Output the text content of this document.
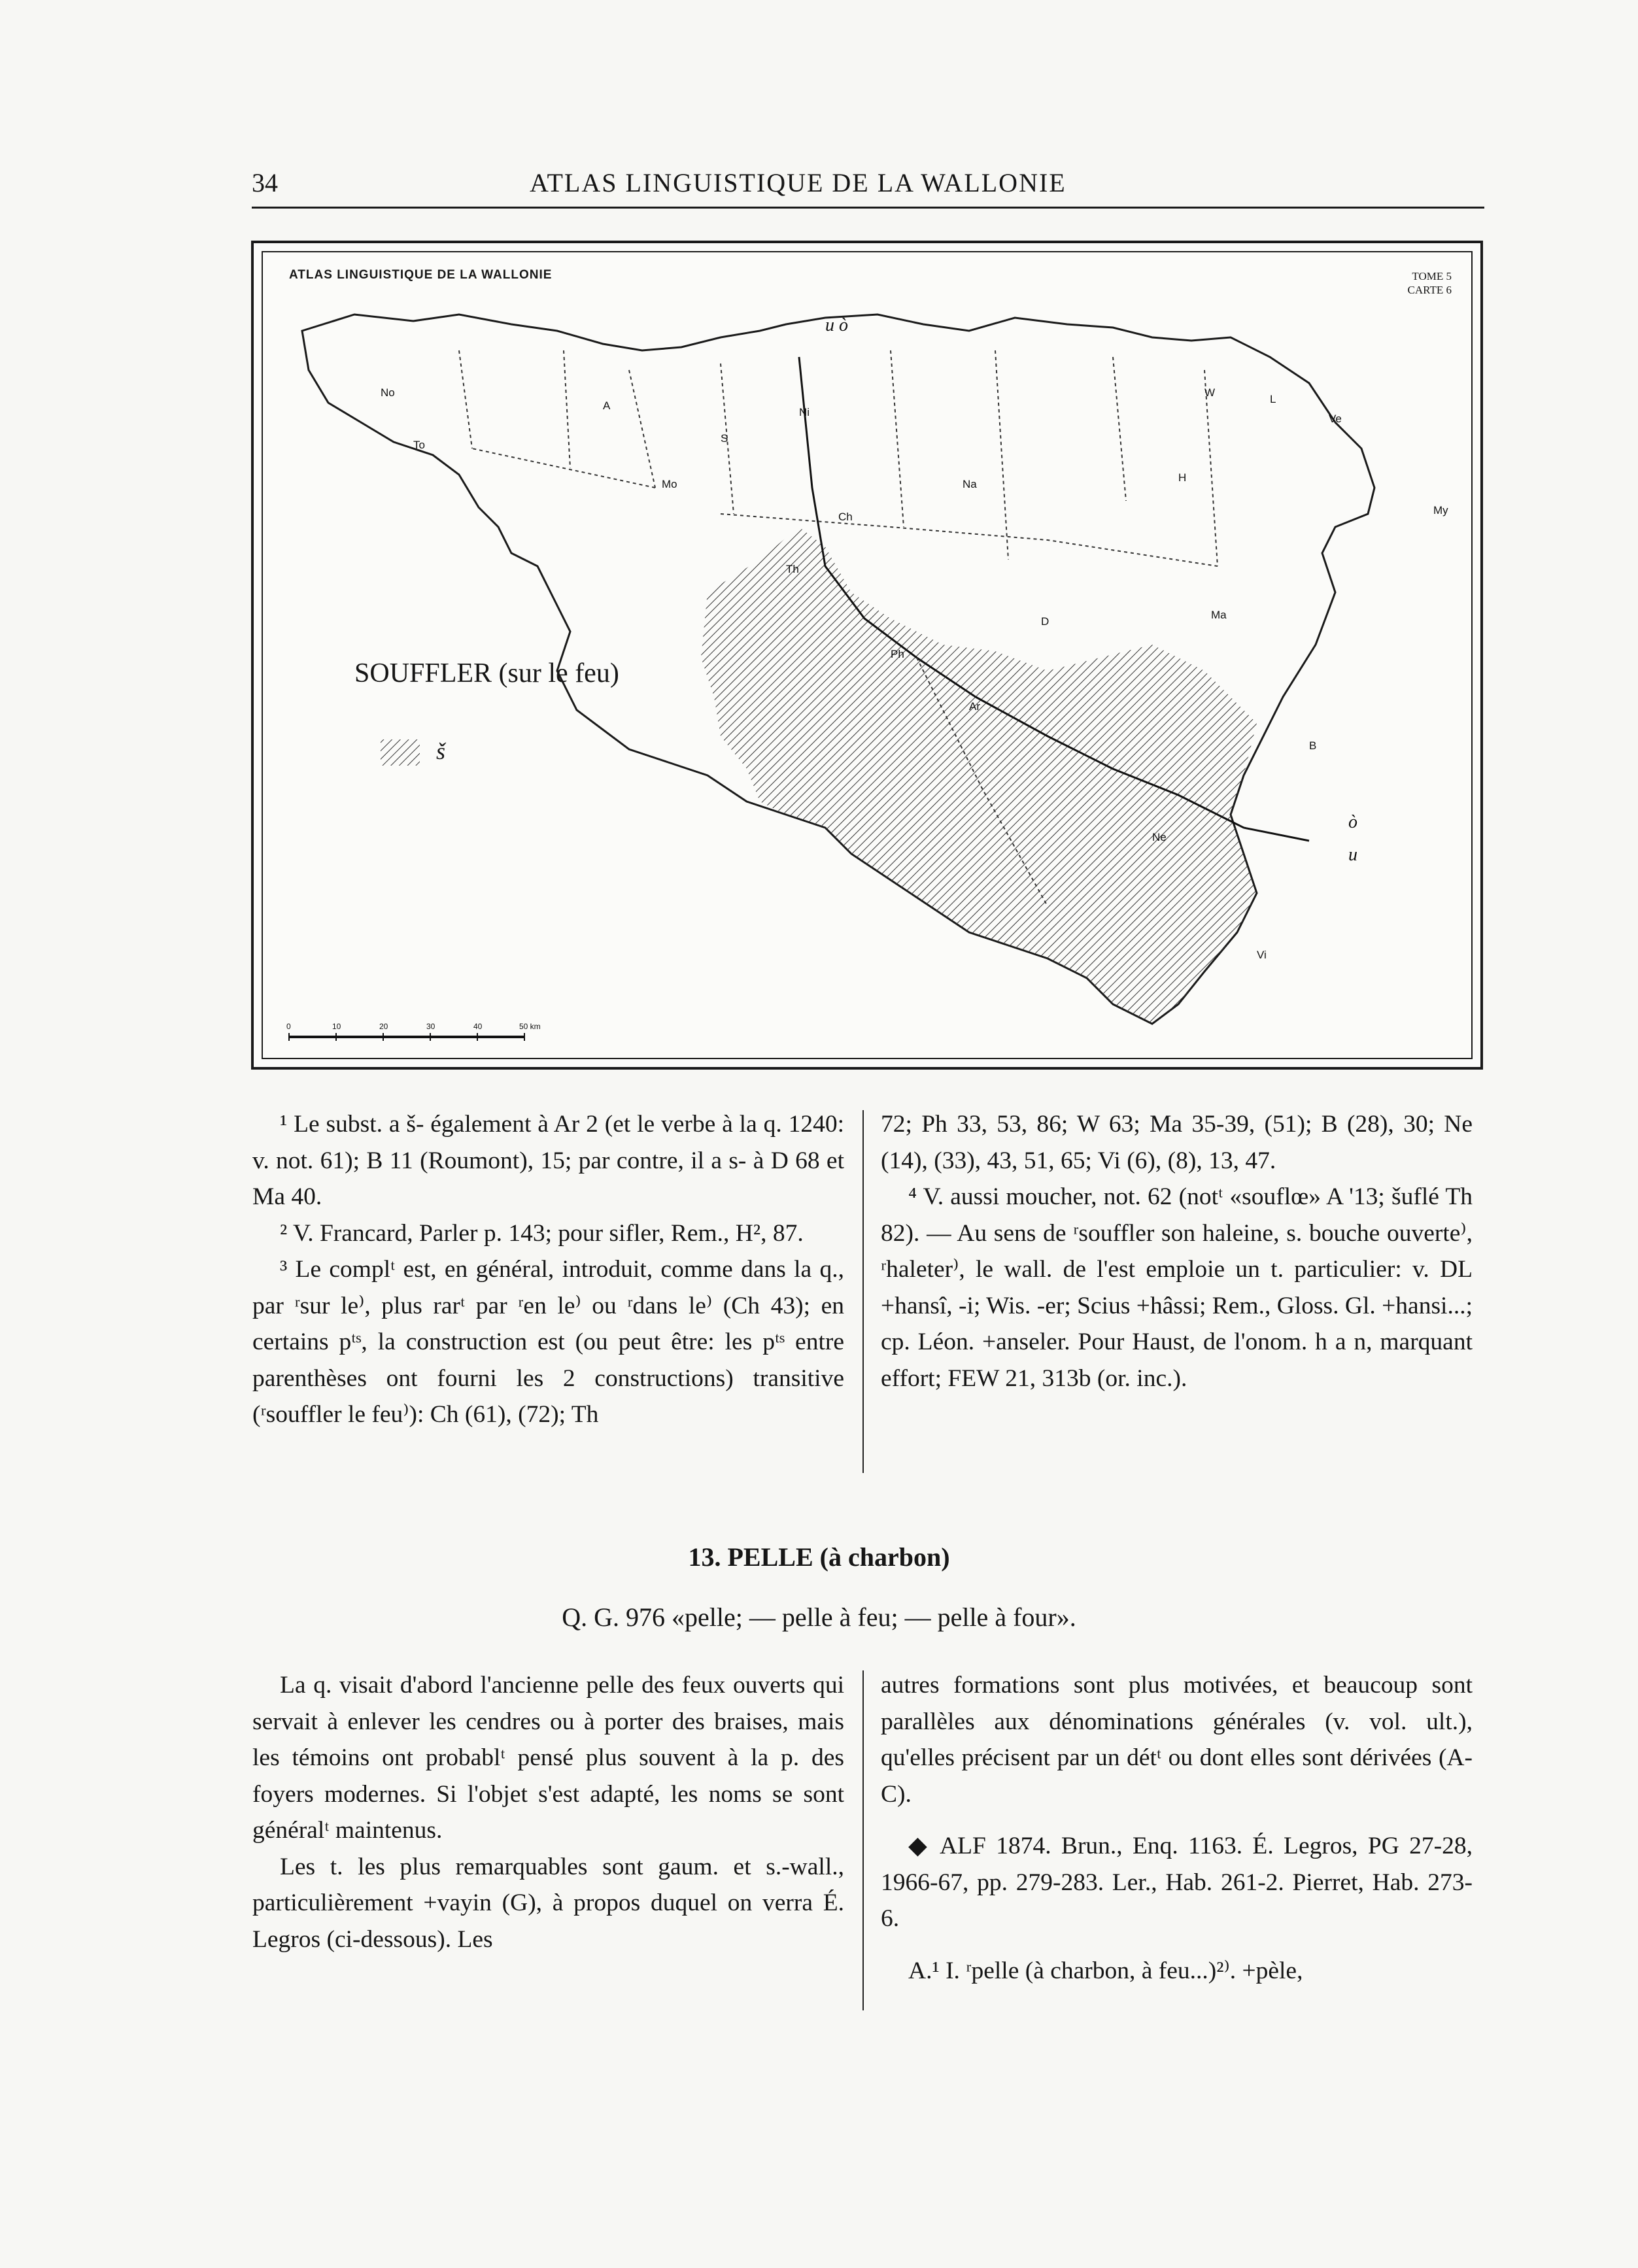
34	ATLAS LINGUISTIQUE DE LA WALLONIE
No
To
A
S
Ni
Mo
Ch
Th
Ph
Ar
W
L
Ve
My
H
Na
D
Ma
B
Ne
Vi
u ò
ò
u
0	10	20	30	40	50 km
ATLAS LINGUISTIQUE DE LA WALLONIE	TOME 5
CARTE 6
SOUFFLER (sur le feu)
š

¹ Le subst. a š- également à Ar 2 (et le verbe à la q. 1240: v. not. 61); B 11 (Roumont), 15; par contre, il a s- à D 68 et Ma 40.

² V. Francard, Parler p. 143; pour sifler, Rem., H², 87.

³ Le complᵗ est, en général, introduit, comme dans la q., par ʳsur le⁾, plus rarᵗ par ʳen le⁾ ou ʳdans le⁾ (Ch 43); en certains pᵗˢ, la construction est (ou peut être: les pᵗˢ entre parenthèses ont fourni les 2 constructions) transitive (ʳsouffler le feu⁾): Ch (61), (72); Th

72; Ph 33, 53, 86; W 63; Ma 35-39, (51); B (28), 30; Ne (14), (33), 43, 51, 65; Vi (6), (8), 13, 47.

⁴ V. aussi moucher, not. 62 (notᵗ «souflœ» A '13; šuflé Th 82). — Au sens de ʳsouffler son haleine, s. bouche ouverte⁾, ʳhaleter⁾, le wall. de l'est emploie un t. particulier: v. DL +hansî, -i; Wis. -er; Scius +hâssi; Rem., Gloss. Gl. +hansi...; cp. Léon. +anseler. Pour Haust, de l'onom. h a n, marquant effort; FEW 21, 313b (or. inc.).

13. PELLE (à charbon)
Q. G. 976 «pelle; — pelle à feu; — pelle à four».

La q. visait d'abord l'ancienne pelle des feux ouverts qui servait à enlever les cendres ou à porter des braises, mais les témoins ont probablᵗ pensé plus souvent à la p. des foyers modernes. Si l'objet s'est adapté, les noms se sont généralᵗ maintenus.

Les t. les plus remarquables sont gaum. et s.-wall., particulièrement +vayin (G), à propos duquel on verra É. Legros (ci-dessous). Les

autres formations sont plus motivées, et beaucoup sont parallèles aux dénominations générales (v. vol. ult.), qu'elles précisent par un détᵗ ou dont elles sont dérivées (A-C).

◆ ALF 1874. Brun., Enq. 1163. É. Legros, PG 27-28, 1966-67, pp. 279-283. Ler., Hab. 261-2. Pierret, Hab. 273-6.

A.¹ I. ʳpelle (à charbon, à feu...)²⁾. +pèle,
